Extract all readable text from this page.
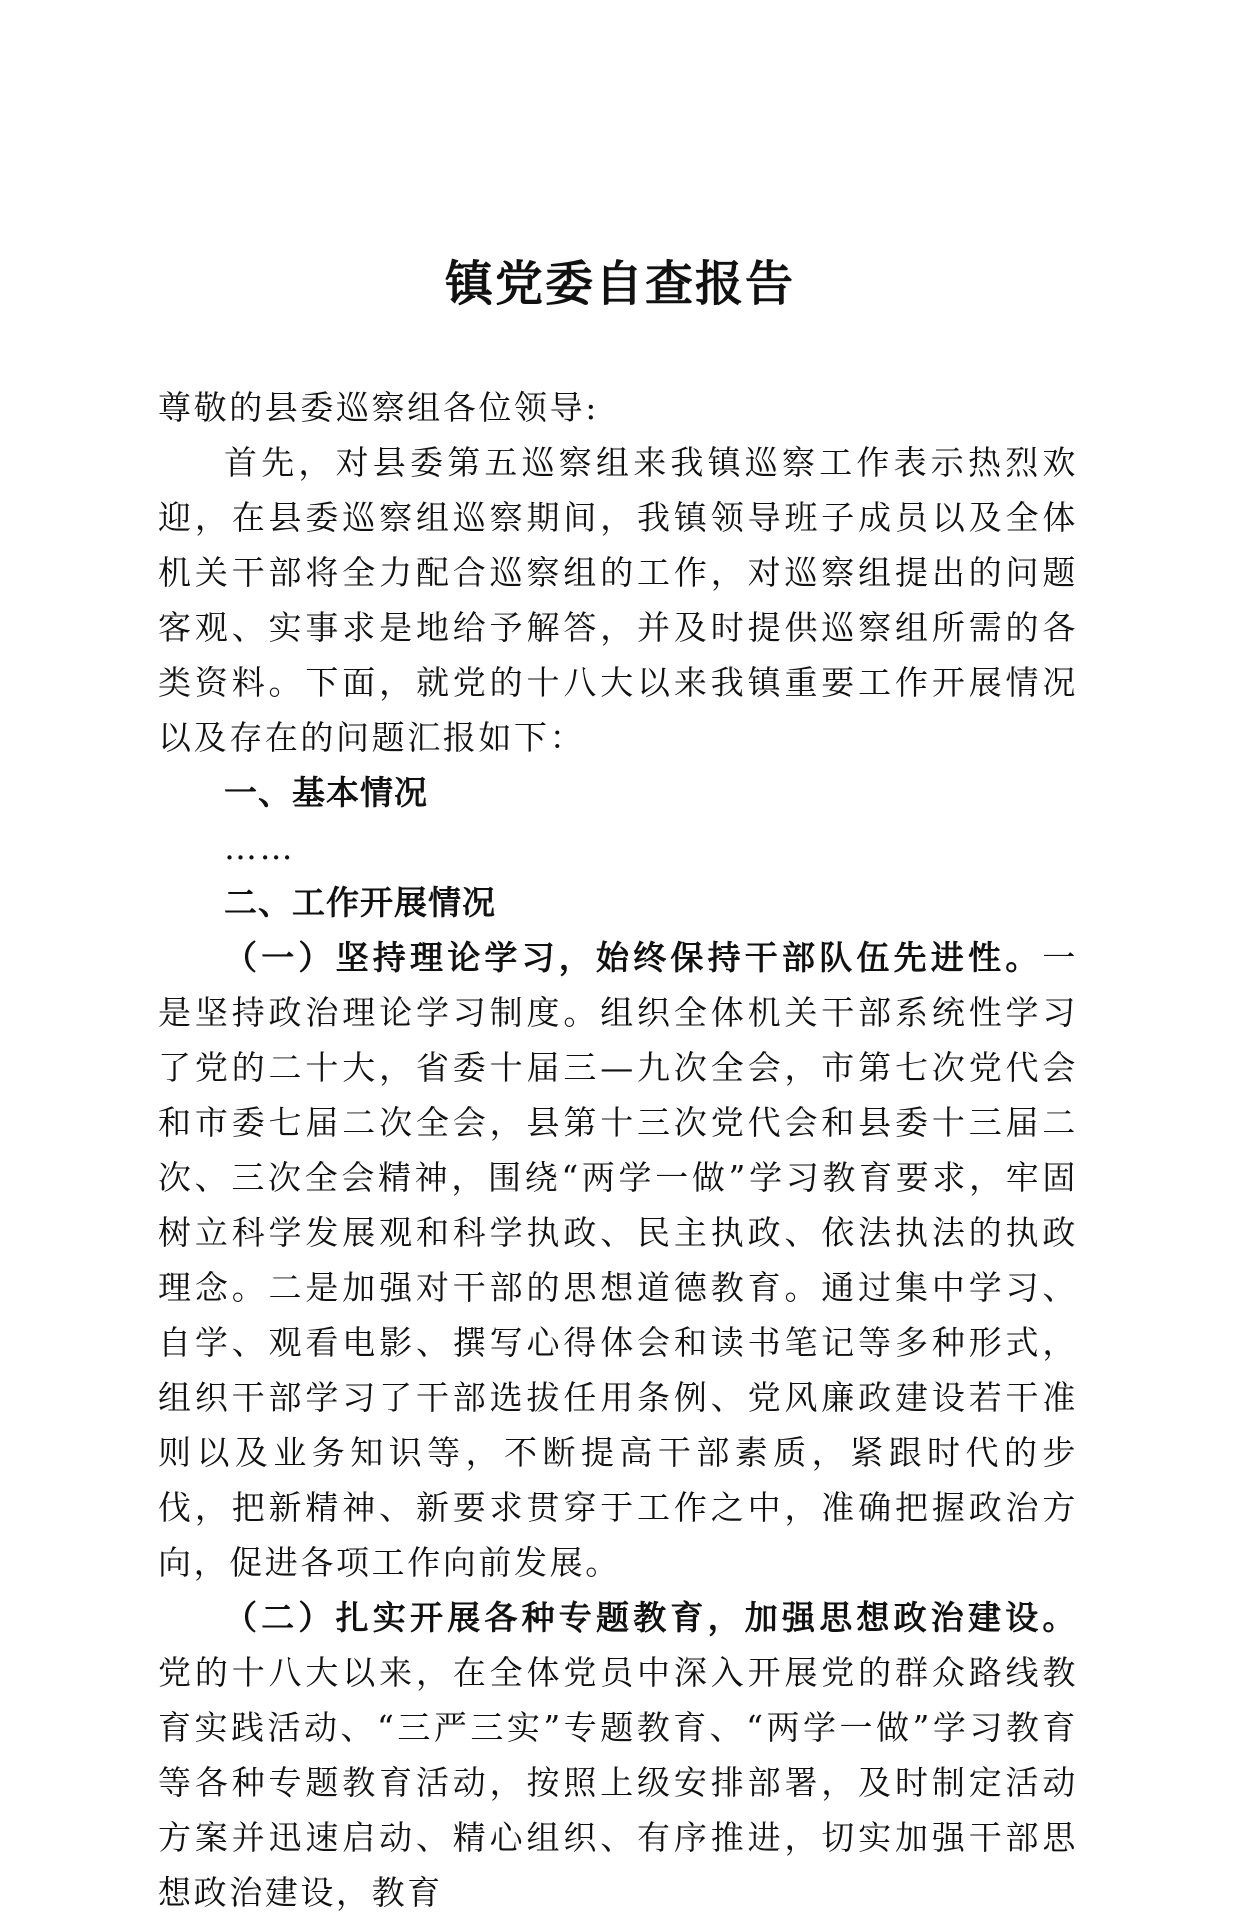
镇党委自查报告

尊敬的县委巡察组各位领导:

首先，对县委第五巡察组来我镇巡察工作表示热烈欢迎，在县委巡察组巡察期间，我镇领导班子成员以及全体机关干部将全力配合巡察组的工作，对巡察组提出的问题客观、实事求是地给予解答，并及时提供巡察组所需的各类资料。下面，就党的十八大以来我镇重要工作开展情况以及存在的问题汇报如下：

一、基本情况

……

二、工作开展情况

（一）坚持理论学习，始终保持干部队伍先进性。一是坚持政治理论学习制度。组织全体机关干部系统性学习了党的二十大，省委十届三—九次全会，市第七次党代会和市委七届二次全会，县第十三次党代会和县委十三届二次、三次全会精神，围绕“两学一做”学习教育要求，牢固树立科学发展观和科学执政、民主执政、依法执法的执政理念。二是加强对干部的思想道德教育。通过集中学习、自学、观看电影、撰写心得体会和读书笔记等多种形式，组织干部学习了干部选拔任用条例、党风廉政建设若干准则以及业务知识等，不断提高干部素质，紧跟时代的步伐，把新精神、新要求贯穿于工作之中，准确把握政治方向，促进各项工作向前发展。

（二）扎实开展各种专题教育，加强思想政治建设。党的十八大以来，在全体党员中深入开展党的群众路线教育实践活动、“三严三实”专题教育、“两学一做”学习教育等各种专题教育活动，按照上级安排部署，及时制定活动方案并迅速启动、精心组织、有序推进，切实加强干部思想政治建设，教育
